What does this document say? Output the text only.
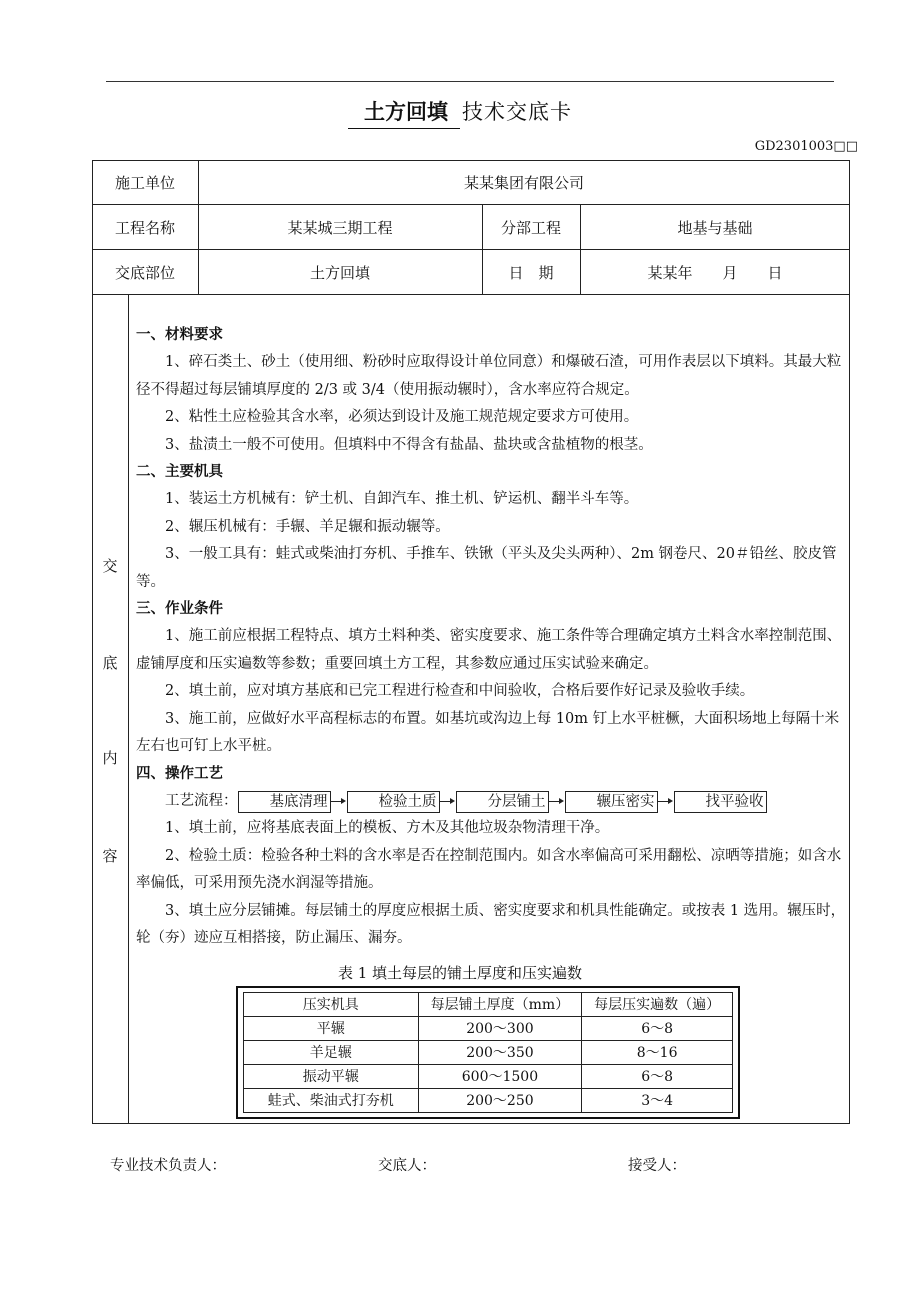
土方回填 技术交底卡
GD2301003□□
施工单位	某某集团有限公司
工程名称	某某城三期工程	分部工程	地基与基础
交底部位	土方回填	日　期	某某年　　月　　日
交
底
内
容
一、材料要求
1、碎石类土、砂土（使用细、粉砂时应取得设计单位同意）和爆破石渣，可用作表层以下填料。其最大粒径不得超过每层铺填厚度的 2/3 或 3/4（使用振动辗时），含水率应符合规定。
2、粘性土应检验其含水率，必须达到设计及施工规范规定要求方可使用。
3、盐渍土一般不可使用。但填料中不得含有盐晶、盐块或含盐植物的根茎。
二、主要机具
1、装运土方机械有：铲土机、自卸汽车、推土机、铲运机、翻半斗车等。
2、辗压机械有：手辗、羊足辗和振动辗等。
3、一般工具有：蛙式或柴油打夯机、手推车、铁锹（平头及尖头两种）、2m 钢卷尺、20＃铅丝、胶皮管等。
三、作业条件
1、施工前应根据工程特点、填方土料种类、密实度要求、施工条件等合理确定填方土料含水率控制范围、虚铺厚度和压实遍数等参数；重要回填土方工程，其参数应通过压实试验来确定。
2、填土前，应对填方基底和已完工程进行检查和中间验收，合格后要作好记录及验收手续。
3、施工前，应做好水平高程标志的布置。如基坑或沟边上每 10m 钉上水平桩橛，大面积场地上每隔十米左右也可钉上水平桩。
四、操作工艺
工艺流程：	基底清理	检验土质	分层铺土	辗压密实	找平验收
1、填土前，应将基底表面上的模板、方木及其他垃圾杂物清理干净。
2、检验土质：检验各种土料的含水率是否在控制范围内。如含水率偏高可采用翻松、凉晒等措施；如含水率偏低，可采用预先浇水润湿等措施。
3、填土应分层铺摊。每层铺土的厚度应根据土质、密实度要求和机具性能确定。或按表 1 选用。辗压时，轮（夯）迹应互相搭接，防止漏压、漏夯。
表 1 填土每层的铺土厚度和压实遍数
压实机具	每层铺土厚度（mm）	每层压实遍数（遍）
平辗	200～300	6～8
羊足辗	200～350	8～16
振动平辗	600～1500	6～8
蛙式、柴油式打夯机	200～250	3～4
专业技术负责人：	交底人：	接受人：
